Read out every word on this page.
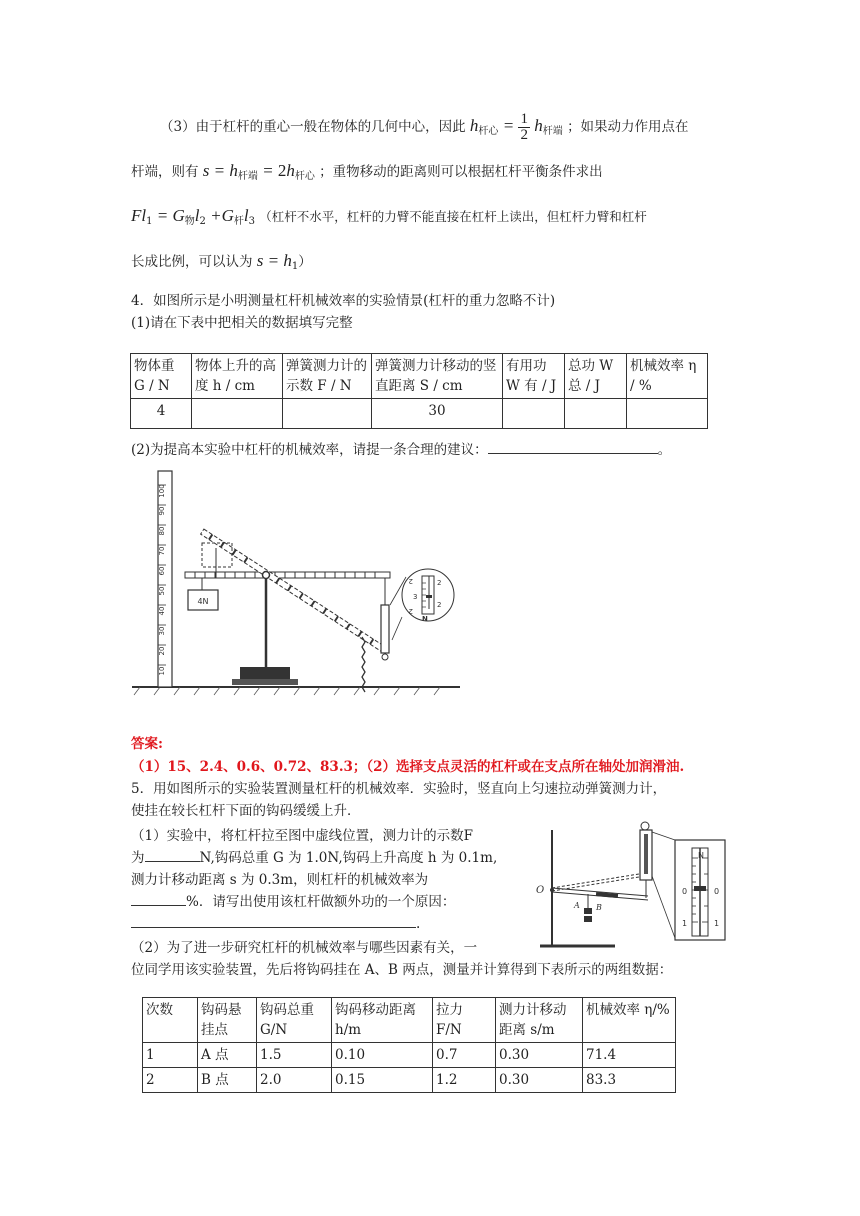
（3）由于杠杆的重心一般在物体的几何中心，因此 $h_{杆心} = \frac{1}{2} h_{杆端}$ ；如果动力作用点在
杆端，则有 $s = h_{杆端} = 2h_{杆心}$ ；重物移动的距离则可以根据杠杆平衡条件求出
$Fl_1 = G_物l_2 +G_杆l_3$ （杠杆不水平，杠杆的力臂不能直接在杠杆上读出，但杠杆力臂和杠杆
长成比例，可以认为 $s = h_1$）
4．如图所示是小明测量杠杆机械效率的实验情景(杠杆的重力忽略不计)
(1)请在下表中把相关的数据填写完整
物体重 G / N	物体上升的高度 h / cm	弹簧测力计的示数 F / N	弹簧测力计移动的竖直距离 S / cm	有用功 W 有 / J	总功 W 总 / J	机械效率 η / %
4			30			
(2)为提高本实验中杠杆的机械效率，请提一条合理的建议：	。
100
90
80
70
60
50
40
30
20
10
4N
2
3
2
2
2
N
答案:
（1）15、2.4、0.6、0.72、83.3；（2）选择支点灵活的杠杆或在支点所在轴处加润滑油.
5．用如图所示的实验装置测量杠杆的机械效率．实验时，竖直向上匀速拉动弹簧测力计，
使挂在较长杠杆下面的钩码缓缓上升．
（1）实验中，将杠杆拉至图中虚线位置，测力计的示数F
为	N,钩码总重 G 为 1.0N,钩码上升高度 h 为 0.1m,
测力计移动距离 s 为 0.3m，则杠杆的机械效率为
%．请写出使用该杠杆做额外功的一个原因：
.
（2）为了进一步研究杠杆的机械效率与哪些因素有关，一
位同学用该实验装置，先后将钩码挂在 A、B 两点，测量并计算得到下表所示的两组数据：
O
A B
N
0	0
1	1
次数	钩码悬挂点	钩码总重 G/N	钩码移动距离 h/m	拉力 F/N	测力计移动距离 s/m	机械效率 η/%
1	A 点	1.5	0.10	0.7	0.30	71.4
2	B 点	2.0	0.15	1.2	0.30	83.3
